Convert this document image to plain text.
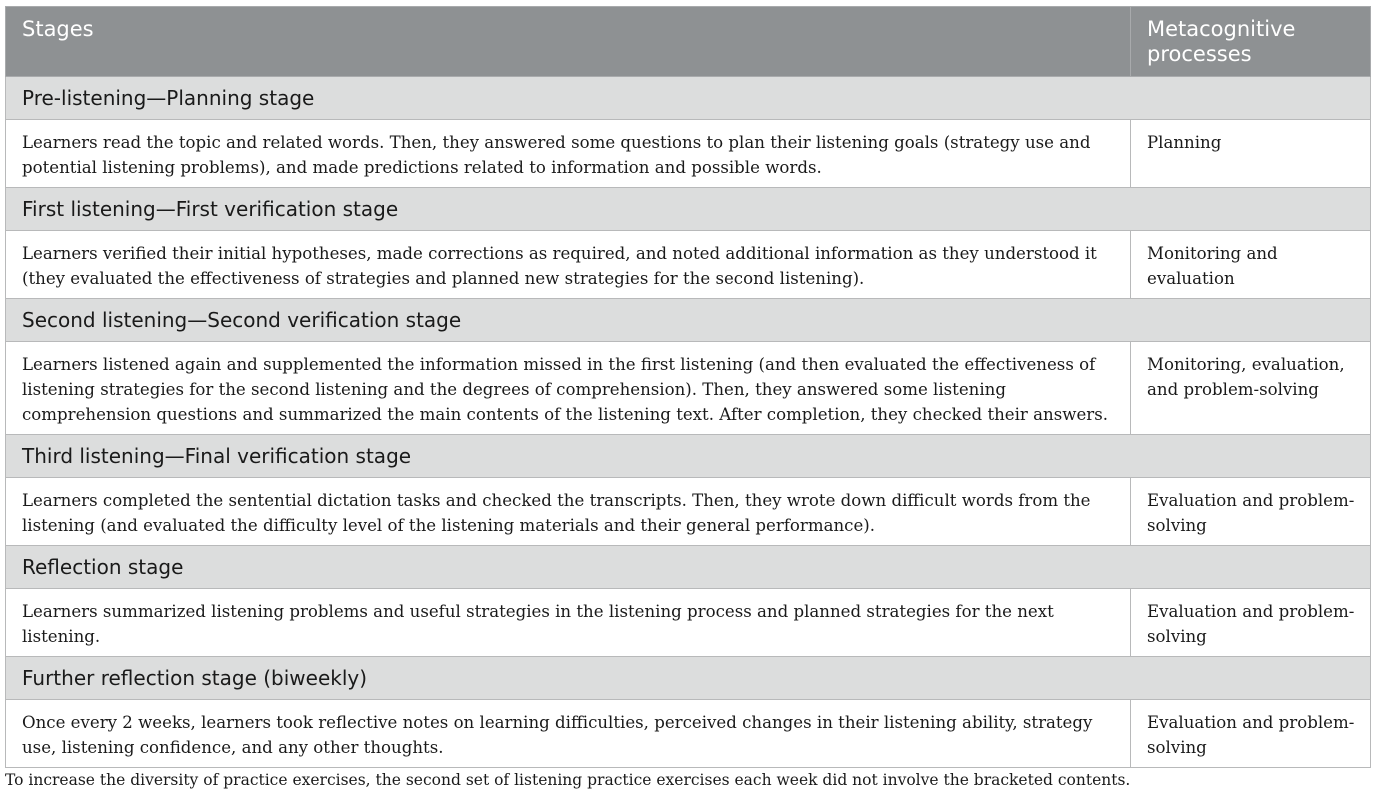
Stages	Metacognitive processes
Pre-listening—Planning stage	
Learners read the topic and related words. Then, they answered some questions to plan their listening goals (strategy use and potential listening problems), and made predictions related to information and possible words.	Planning
First listening—First verification stage	
Learners verified their initial hypotheses, made corrections as required, and noted additional information as they understood it (they evaluated the effectiveness of strategies and planned new strategies for the second listening).	Monitoring and evaluation
Second listening—Second verification stage	
Learners listened again and supplemented the information missed in the first listening (and then evaluated the effectiveness of listening strategies for the second listening and the degrees of comprehension). Then, they answered some listening comprehension questions and summarized the main contents of the listening text. After completion, they checked their answers.	Monitoring, evaluation, and problem-solving
Third listening—Final verification stage	
Learners completed the sentential dictation tasks and checked the transcripts. Then, they wrote down difficult words from the listening (and evaluated the difficulty level of the listening materials and their general performance).	Evaluation and problem-solving
Reflection stage	
Learners summarized listening problems and useful strategies in the listening process and planned strategies for the next listening.	Evaluation and problem-solving
Further reflection stage (biweekly)	
Once every 2 weeks, learners took reflective notes on learning difficulties, perceived changes in their listening ability, strategy use, listening confidence, and any other thoughts.	Evaluation and problem-solving
To increase the diversity of practice exercises, the second set of listening practice exercises each week did not involve the bracketed contents.
